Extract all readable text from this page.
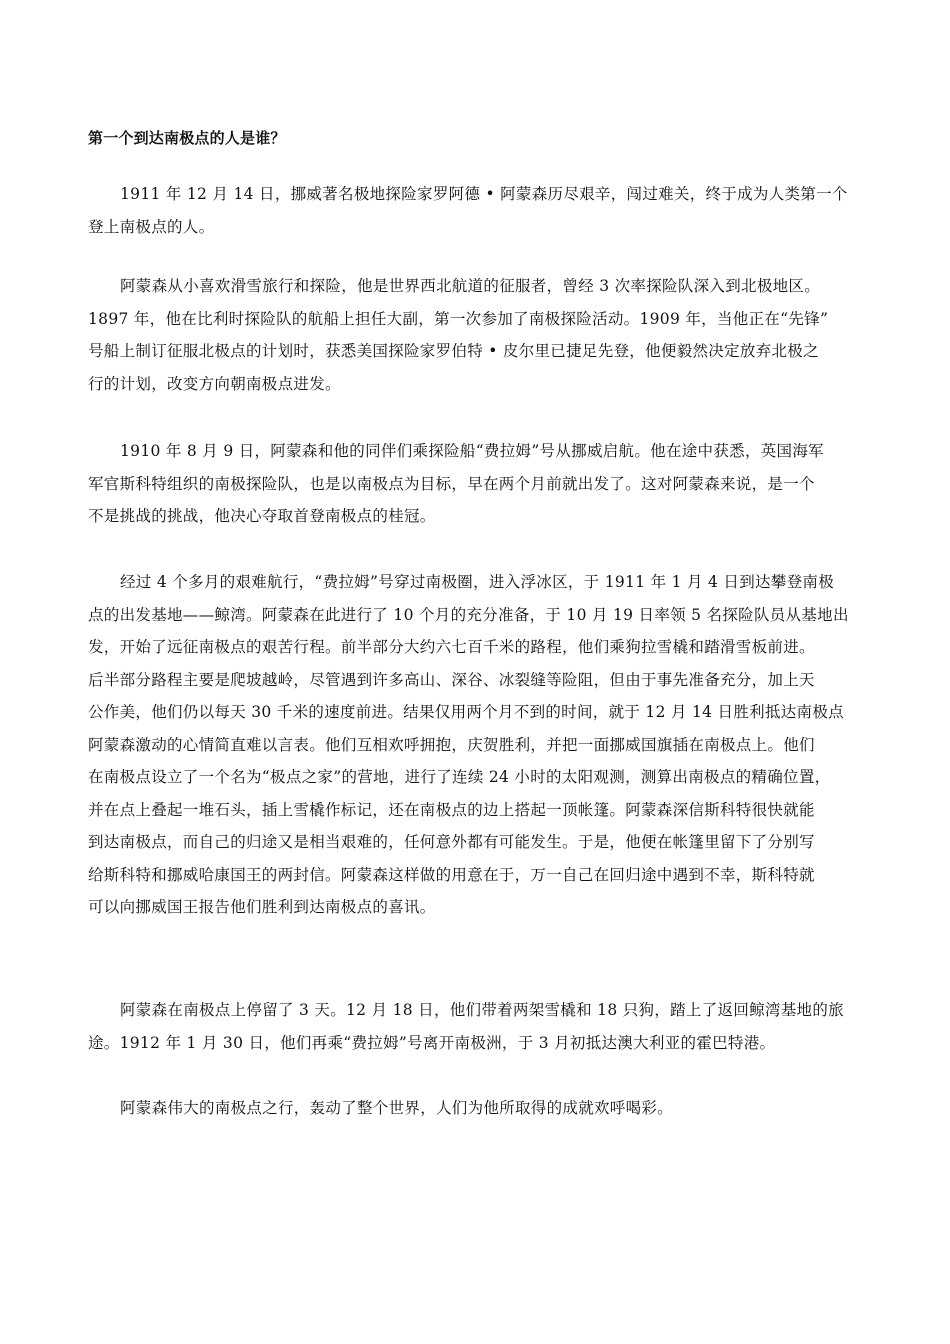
第一个到达南极点的人是谁？
1911 年 12 月 14 日，挪威著名极地探险家罗阿德 • 阿蒙森历尽艰辛，闯过难关，终于成为人类第一个
登上南极点的人。
阿蒙森从小喜欢滑雪旅行和探险，他是世界西北航道的征服者，曾经 3 次率探险队深入到北极地区。
1897 年，他在比利时探险队的航船上担任大副，第一次参加了南极探险活动。1909 年，当他正在“先锋”
号船上制订征服北极点的计划时，获悉美国探险家罗伯特 • 皮尔里已捷足先登，他便毅然决定放弃北极之
行的计划，改变方向朝南极点进发。
1910 年 8 月 9 日，阿蒙森和他的同伴们乘探险船“费拉姆”号从挪威启航。他在途中获悉，英国海军
军官斯科特组织的南极探险队，也是以南极点为目标，早在两个月前就出发了。这对阿蒙森来说，是一个
不是挑战的挑战，他决心夺取首登南极点的桂冠。
经过 4 个多月的艰难航行，“费拉姆”号穿过南极圈，进入浮冰区，于 1911 年 1 月 4 日到达攀登南极
点的出发基地——鲸湾。阿蒙森在此进行了 10 个月的充分准备，于 10 月 19 日率领 5 名探险队员从基地出
发，开始了远征南极点的艰苦行程。前半部分大约六七百千米的路程，他们乘狗拉雪橇和踏滑雪板前进。
后半部分路程主要是爬坡越岭，尽管遇到许多高山、深谷、冰裂缝等险阻，但由于事先准备充分，加上天
公作美，他们仍以每天 30 千米的速度前进。结果仅用两个月不到的时间，就于 12 月 14 日胜利抵达南极点
阿蒙森激动的心情简直难以言表。他们互相欢呼拥抱，庆贺胜利，并把一面挪威国旗插在南极点上。他们
在南极点设立了一个名为“极点之家”的营地，进行了连续 24 小时的太阳观测，测算出南极点的精确位置，
并在点上叠起一堆石头，插上雪橇作标记，还在南极点的边上搭起一顶帐篷。阿蒙森深信斯科特很快就能
到达南极点，而自己的归途又是相当艰难的，任何意外都有可能发生。于是，他便在帐篷里留下了分别写
给斯科特和挪威哈康国王的两封信。阿蒙森这样做的用意在于，万一自己在回归途中遇到不幸，斯科特就
可以向挪威国王报告他们胜利到达南极点的喜讯。
阿蒙森在南极点上停留了 3 天。12 月 18 日，他们带着两架雪橇和 18 只狗，踏上了返回鲸湾基地的旅
途。1912 年 1 月 30 日，他们再乘“费拉姆”号离开南极洲，于 3 月初抵达澳大利亚的霍巴特港。
阿蒙森伟大的南极点之行，轰动了整个世界，人们为他所取得的成就欢呼喝彩。
